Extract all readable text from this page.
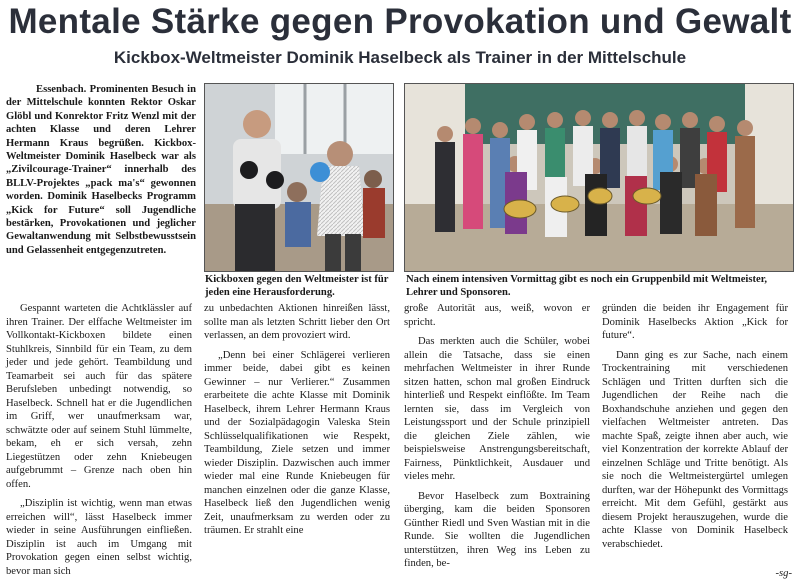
Mentale Stärke gegen Provokation und Gewalt
Kickbox-Weltmeister Dominik Haselbeck als Trainer in der Mittelschule

Essenbach. Prominenten Besuch in der Mittelschule konnten Rektor Oskar Glöbl und Konrektor Fritz Wenzl mit der achten Klasse und deren Lehrer Hermann Kraus begrüßen. Kickbox-Weltmeister Dominik Haselbeck war als „Zivilcourage-Trainer“ innerhalb des BLLV-Projektes „pack ma's“ gewonnen worden. Dominik Haselbecks Programm „Kick for Future“ soll Jugendliche bestärken, Provokationen und jeglicher Gewaltanwendung mit Selbstbewusstsein und Gelassenheit entgegenzutreten.

Kickboxen gegen den Weltmeister ist für jeden eine Herausforderung.
Nach einem intensiven Vormittag gibt es noch ein Gruppenbild mit Weltmeister, Lehrer und Sponsoren.

Gespannt warteten die Achtklässler auf ihren Trainer. Der elffache Weltmeister im Vollkontakt-Kickboxen bildete einen Stuhlkreis, Sinnbild für ein Team, zu dem jeder und jede gehört. Teambildung und Teamarbeit sei auch für das spätere Berufsleben unbedingt notwendig, so Haselbeck. Schnell hat er die Jugendlichen im Griff, wer unaufmerksam war, schwätzte oder auf seinem Stuhl lümmelte, bekam, eh er sich versah, zehn Liegestützen oder zehn Kniebeugen aufgebrummt – Grenze nach oben hin offen.

„Disziplin ist wichtig, wenn man etwas erreichen will“, lässt Haselbeck immer wieder in seine Ausführungen einfließen. Disziplin ist auch im Umgang mit Provokation gegen einen selbst wichtig, bevor man sich

zu unbedachten Aktionen hinreißen lässt, sollte man als letzten Schritt lieber den Ort verlassen, an dem provoziert wird.

„Denn bei einer Schlägerei verlieren immer beide, dabei gibt es keinen Gewinner – nur Verlierer.“ Zusammen erarbeitete die achte Klasse mit Dominik Haselbeck, ihrem Lehrer Hermann Kraus und der Sozialpädagogin Valeska Stein Schlüsselqualifikationen wie Respekt, Teambildung, Ziele setzen und immer wieder Disziplin. Dazwischen auch immer wieder mal eine Runde Kniebeugen für manchen einzelnen oder die ganze Klasse, Haselbeck ließ den Jugendlichen wenig Zeit, unaufmerksam zu werden oder zu träumen. Er strahlt eine

große Autorität aus, weiß, wovon er spricht.

Das merkten auch die Schüler, wobei allein die Tatsache, dass sie einen mehrfachen Weltmeister in ihrer Runde sitzen hatten, schon mal großen Eindruck hinterließ und Respekt einflößte. Im Team lernten sie, dass im Vergleich von Leistungssport und der Schule prinzipiell die gleichen Ziele zählen, wie beispielsweise Anstrengungsbereitschaft, Fairness, Pünktlichkeit, Ausdauer und vieles mehr.

Bevor Haselbeck zum Boxtraining überging, kam die beiden Sponsoren Günther Riedl und Sven Wastian mit in die Runde. Sie wollten die Jugendlichen unterstützen, ihren Weg ins Leben zu finden, be-

gründen die beiden ihr Engagement für Dominik Haselbecks Aktion „Kick for future“.

Dann ging es zur Sache, nach einem Trockentraining mit verschiedenen Schlägen und Tritten durften sich die Jugendlichen der Reihe nach die Boxhandschuhe anziehen und gegen den vielfachen Weltmeister antreten. Das machte Spaß, zeigte ihnen aber auch, wie viel Konzentration der korrekte Ablauf der einzelnen Schläge und Tritte benötigt. Als sie noch die Weltmeistergürtel umlegen durften, war der Höhepunkt des Vormittags erreicht. Mit dem Gefühl, gestärkt aus diesem Projekt herauszugehen, wurde die achte Klasse von Dominik Haselbeck verabschiedet.

-sg-
